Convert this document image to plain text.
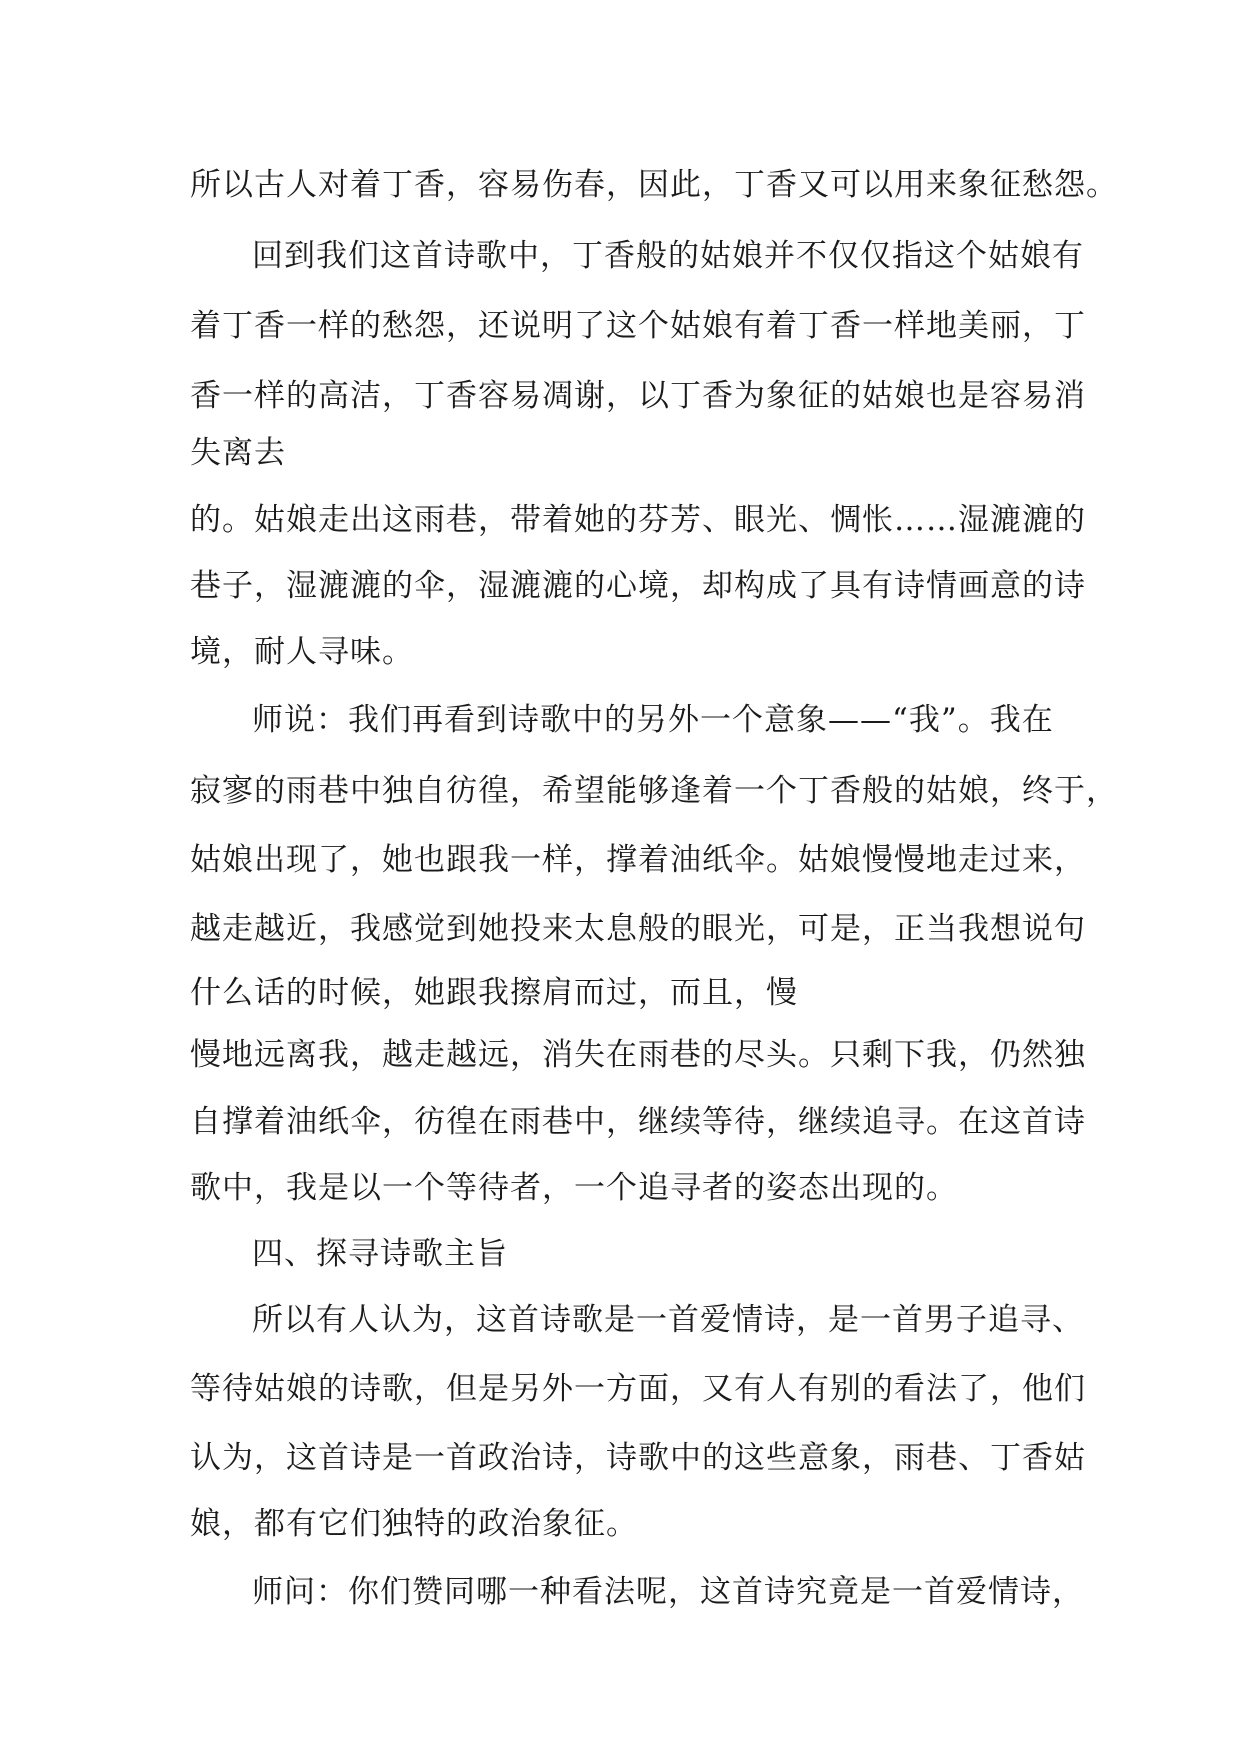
所以古人对着丁香，容易伤春，因此，丁香又可以用来象征愁怨。
回到我们这首诗歌中，丁香般的姑娘并不仅仅指这个姑娘有
着丁香一样的愁怨，还说明了这个姑娘有着丁香一样地美丽，丁
香一样的高洁，丁香容易凋谢，以丁香为象征的姑娘也是容易消
失离去
的。姑娘走出这雨巷，带着她的芬芳、眼光、惆怅……湿漉漉的
巷子，湿漉漉的伞，湿漉漉的心境，却构成了具有诗情画意的诗
境，耐人寻味。
师说：我们再看到诗歌中的另外一个意象——“我”。我在
寂寥的雨巷中独自彷徨，希望能够逢着一个丁香般的姑娘，终于，
姑娘出现了，她也跟我一样，撑着油纸伞。姑娘慢慢地走过来，
越走越近，我感觉到她投来太息般的眼光，可是，正当我想说句
什么话的时候，她跟我擦肩而过，而且，慢
慢地远离我，越走越远，消失在雨巷的尽头。只剩下我，仍然独
自撑着油纸伞，彷徨在雨巷中，继续等待，继续追寻。在这首诗
歌中，我是以一个等待者，一个追寻者的姿态出现的。
四、探寻诗歌主旨
所以有人认为，这首诗歌是一首爱情诗，是一首男子追寻、
等待姑娘的诗歌，但是另外一方面，又有人有别的看法了，他们
认为，这首诗是一首政治诗，诗歌中的这些意象，雨巷、丁香姑
娘，都有它们独特的政治象征。
师问：你们赞同哪一种看法呢，这首诗究竟是一首爱情诗，
